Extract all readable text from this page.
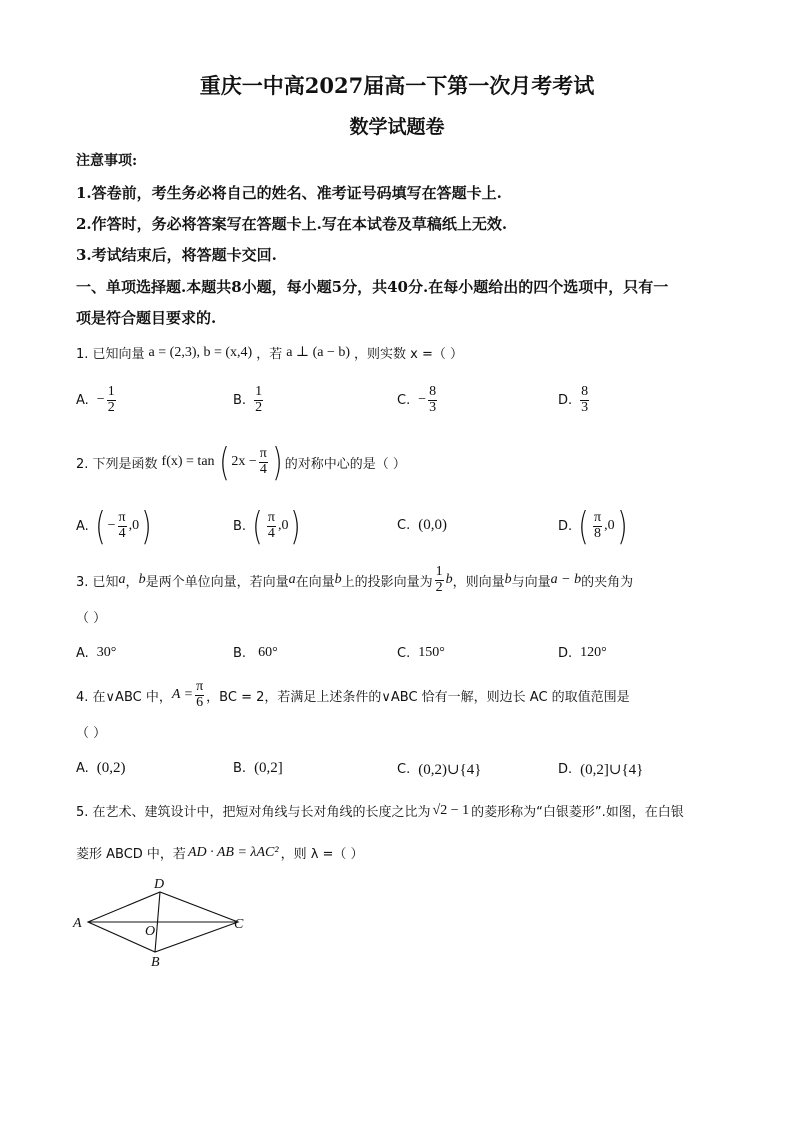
重庆一中高2027届高一下第一次月考考试
数学试题卷
注意事项:
1.答卷前，考生务必将自己的姓名、准考证号码填写在答题卡上.
2.作答时，务必将答案写在答题卡上.写在本试卷及草稿纸上无效.
3.考试结束后，将答题卡交回.
一、单项选择题.本题共8小题，每小题5分，共40分.在每小题给出的四个选项中，只有一
项是符合题目要求的.
1. 已知向量 a = (2,3), b = (x,4) ，若 a ⊥ (a − b) ，则实数 x =（ ）
A. − $\frac{1}{2}$	B. $\frac{1}{2}$	C. − $\frac{8}{3}$	D. $\frac{8}{3}$
2. 下列是函数 f(x) = tan ( $2x - \frac{\pi}{4}$ ) 的对称中心的是（ ）
A. ( − $\frac{\pi}{4} ,0$ )	B. ( $\frac{\pi}{4} ,0$ )	C. (0,0)	D. ( $\frac{\pi}{8} ,0$ )
3. 已知 a ， b 是两个单位向量，若向量 a 在向量 b 上的投影向量为 $\frac{1}{2}$ b ，则向量 b 与向量 a − b 的夹角为
（ ）
A. 30°	B. 60°	C. 150°	D. 120°
4. 在∨ABC 中， $A = \frac{\pi}{6}$ ，BC = 2，若满足上述条件的∨ABC 恰有一解，则边长 AC 的取值范围是
（ ）
A. (0,2)	B. (0,2]	C. (0,2)∪{4}	D. (0,2]∪{4}
5. 在艺术、建筑设计中，把短对角线与长对角线的长度之比为 √2 − 1 的菱形称为“白银菱形”.如图，在白银
菱形 ABCD 中，若 AD · AB = λAC² ，则 λ =（ ）
A
D
C
B
O
